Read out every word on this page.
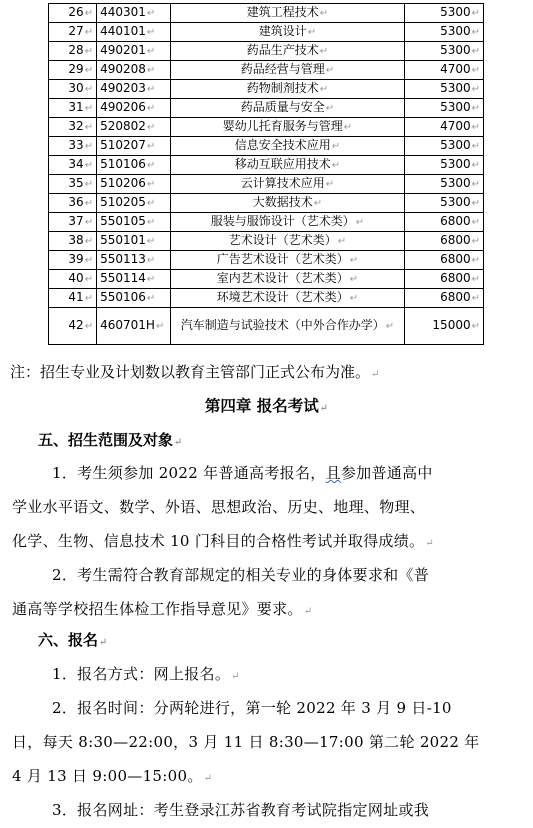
26↵	440301↵	建筑工程技术↵	5300↵
27↵	440101↵	建筑设计↵	5300↵
28↵	490201↵	药品生产技术↵	5300↵
29↵	490208↵	药品经营与管理↵	4700↵
30↵	490203↵	药物制剂技术↵	5300↵
31↵	490206↵	药品质量与安全↵	5300↵
32↵	520802↵	婴幼儿托育服务与管理↵	4700↵
33↵	510207↵	信息安全技术应用↵	5300↵
34↵	510106↵	移动互联应用技术↵	5300↵
35↵	510206↵	云计算技术应用↵	5300↵
36↵	510205↵	大数据技术↵	5300↵
37↵	550105↵	服装与服饰设计（艺术类）↵	6800↵
38↵	550101↵	艺术设计（艺术类）↵	6800↵
39↵	550113↵	广告艺术设计（艺术类）↵	6800↵
40↵	550114↵	室内艺术设计（艺术类）↵	6800↵
41↵	550106↵	环境艺术设计（艺术类）↵	6800↵
42↵	460701H↵	汽车制造与试验技术（中外合作办学）↵	15000↵
注：招生专业及计划数以教育主管部门正式公布为准。↵
第四章 报名考试↵
五、招生范围及对象↵
1．考生须参加 2022 年普通高考报名，且参加普通高中
学业水平语文、数学、外语、思想政治、历史、地理、物理、
化学、生物、信息技术 10 门科目的合格性考试并取得成绩。↵
2．考生需符合教育部规定的相关专业的身体要求和《普
通高等学校招生体检工作指导意见》要求。↵
六、报名↵
1．报名方式：网上报名。↵
2．报名时间：分两轮进行，第一轮 2022 年 3 月 9 日-10
日，每天 8:30—22:00，3 月 11 日 8:30—17:00 第二轮 2022 年
4 月 13 日 9:00—15:00。↵
3．报名网址：考生登录江苏省教育考试院指定网址或我
